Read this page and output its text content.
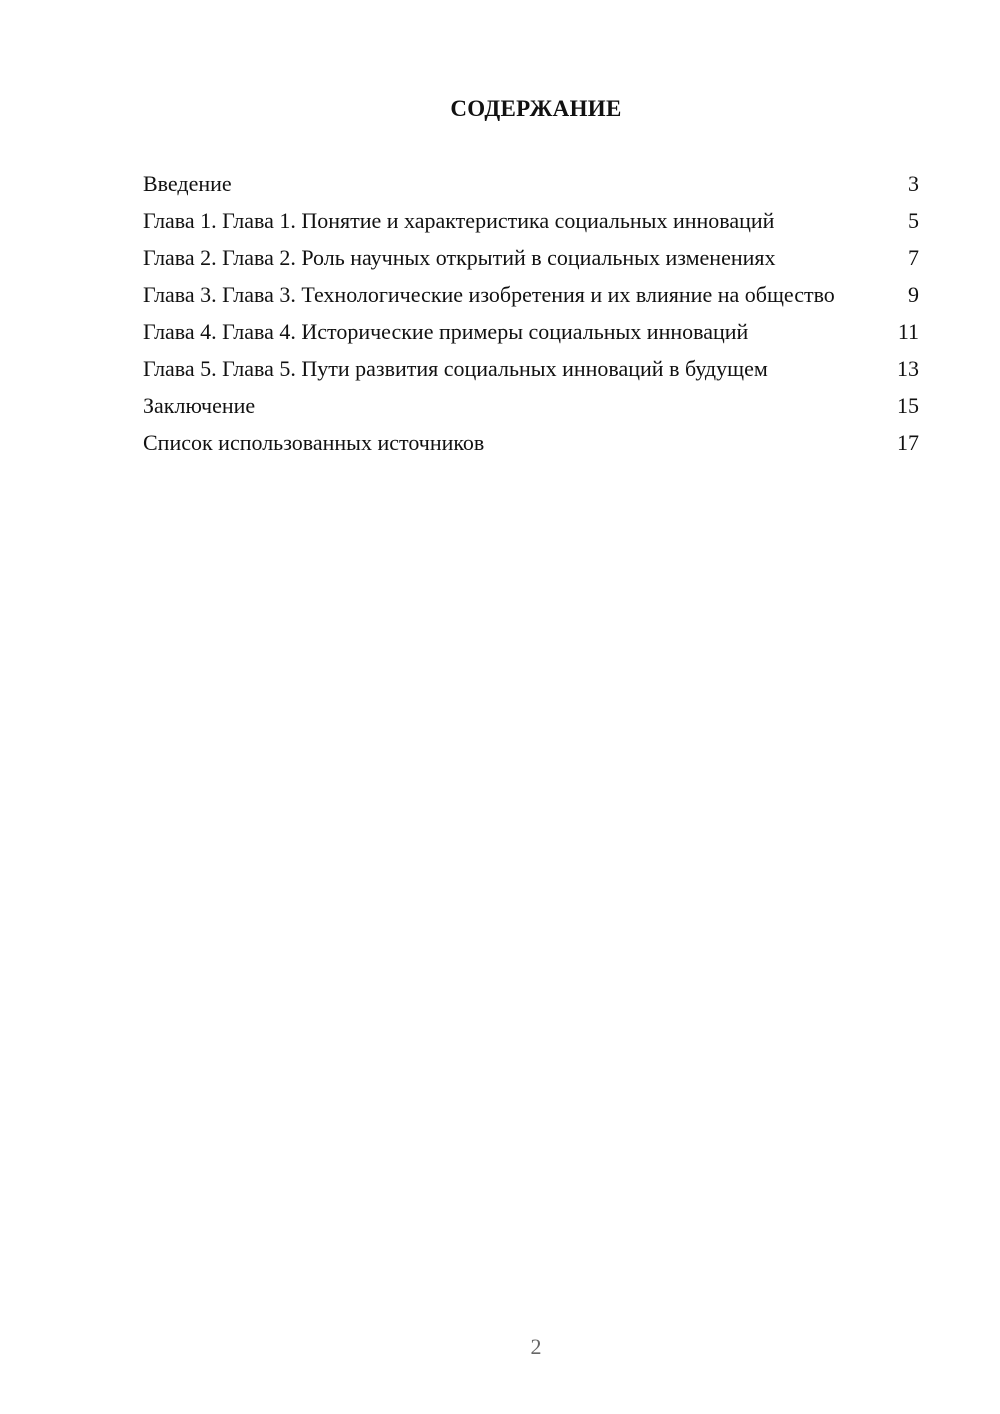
СОДЕРЖАНИЕ
Введение	3
Глава 1. Глава 1. Понятие и характеристика социальных инноваций	5
Глава 2. Глава 2. Роль научных открытий в социальных изменениях	7
Глава 3. Глава 3. Технологические изобретения и их влияние на общество	9
Глава 4. Глава 4. Исторические примеры социальных инноваций	11
Глава 5. Глава 5. Пути развития социальных инноваций в будущем	13
Заключение	15
Список использованных источников	17
2
